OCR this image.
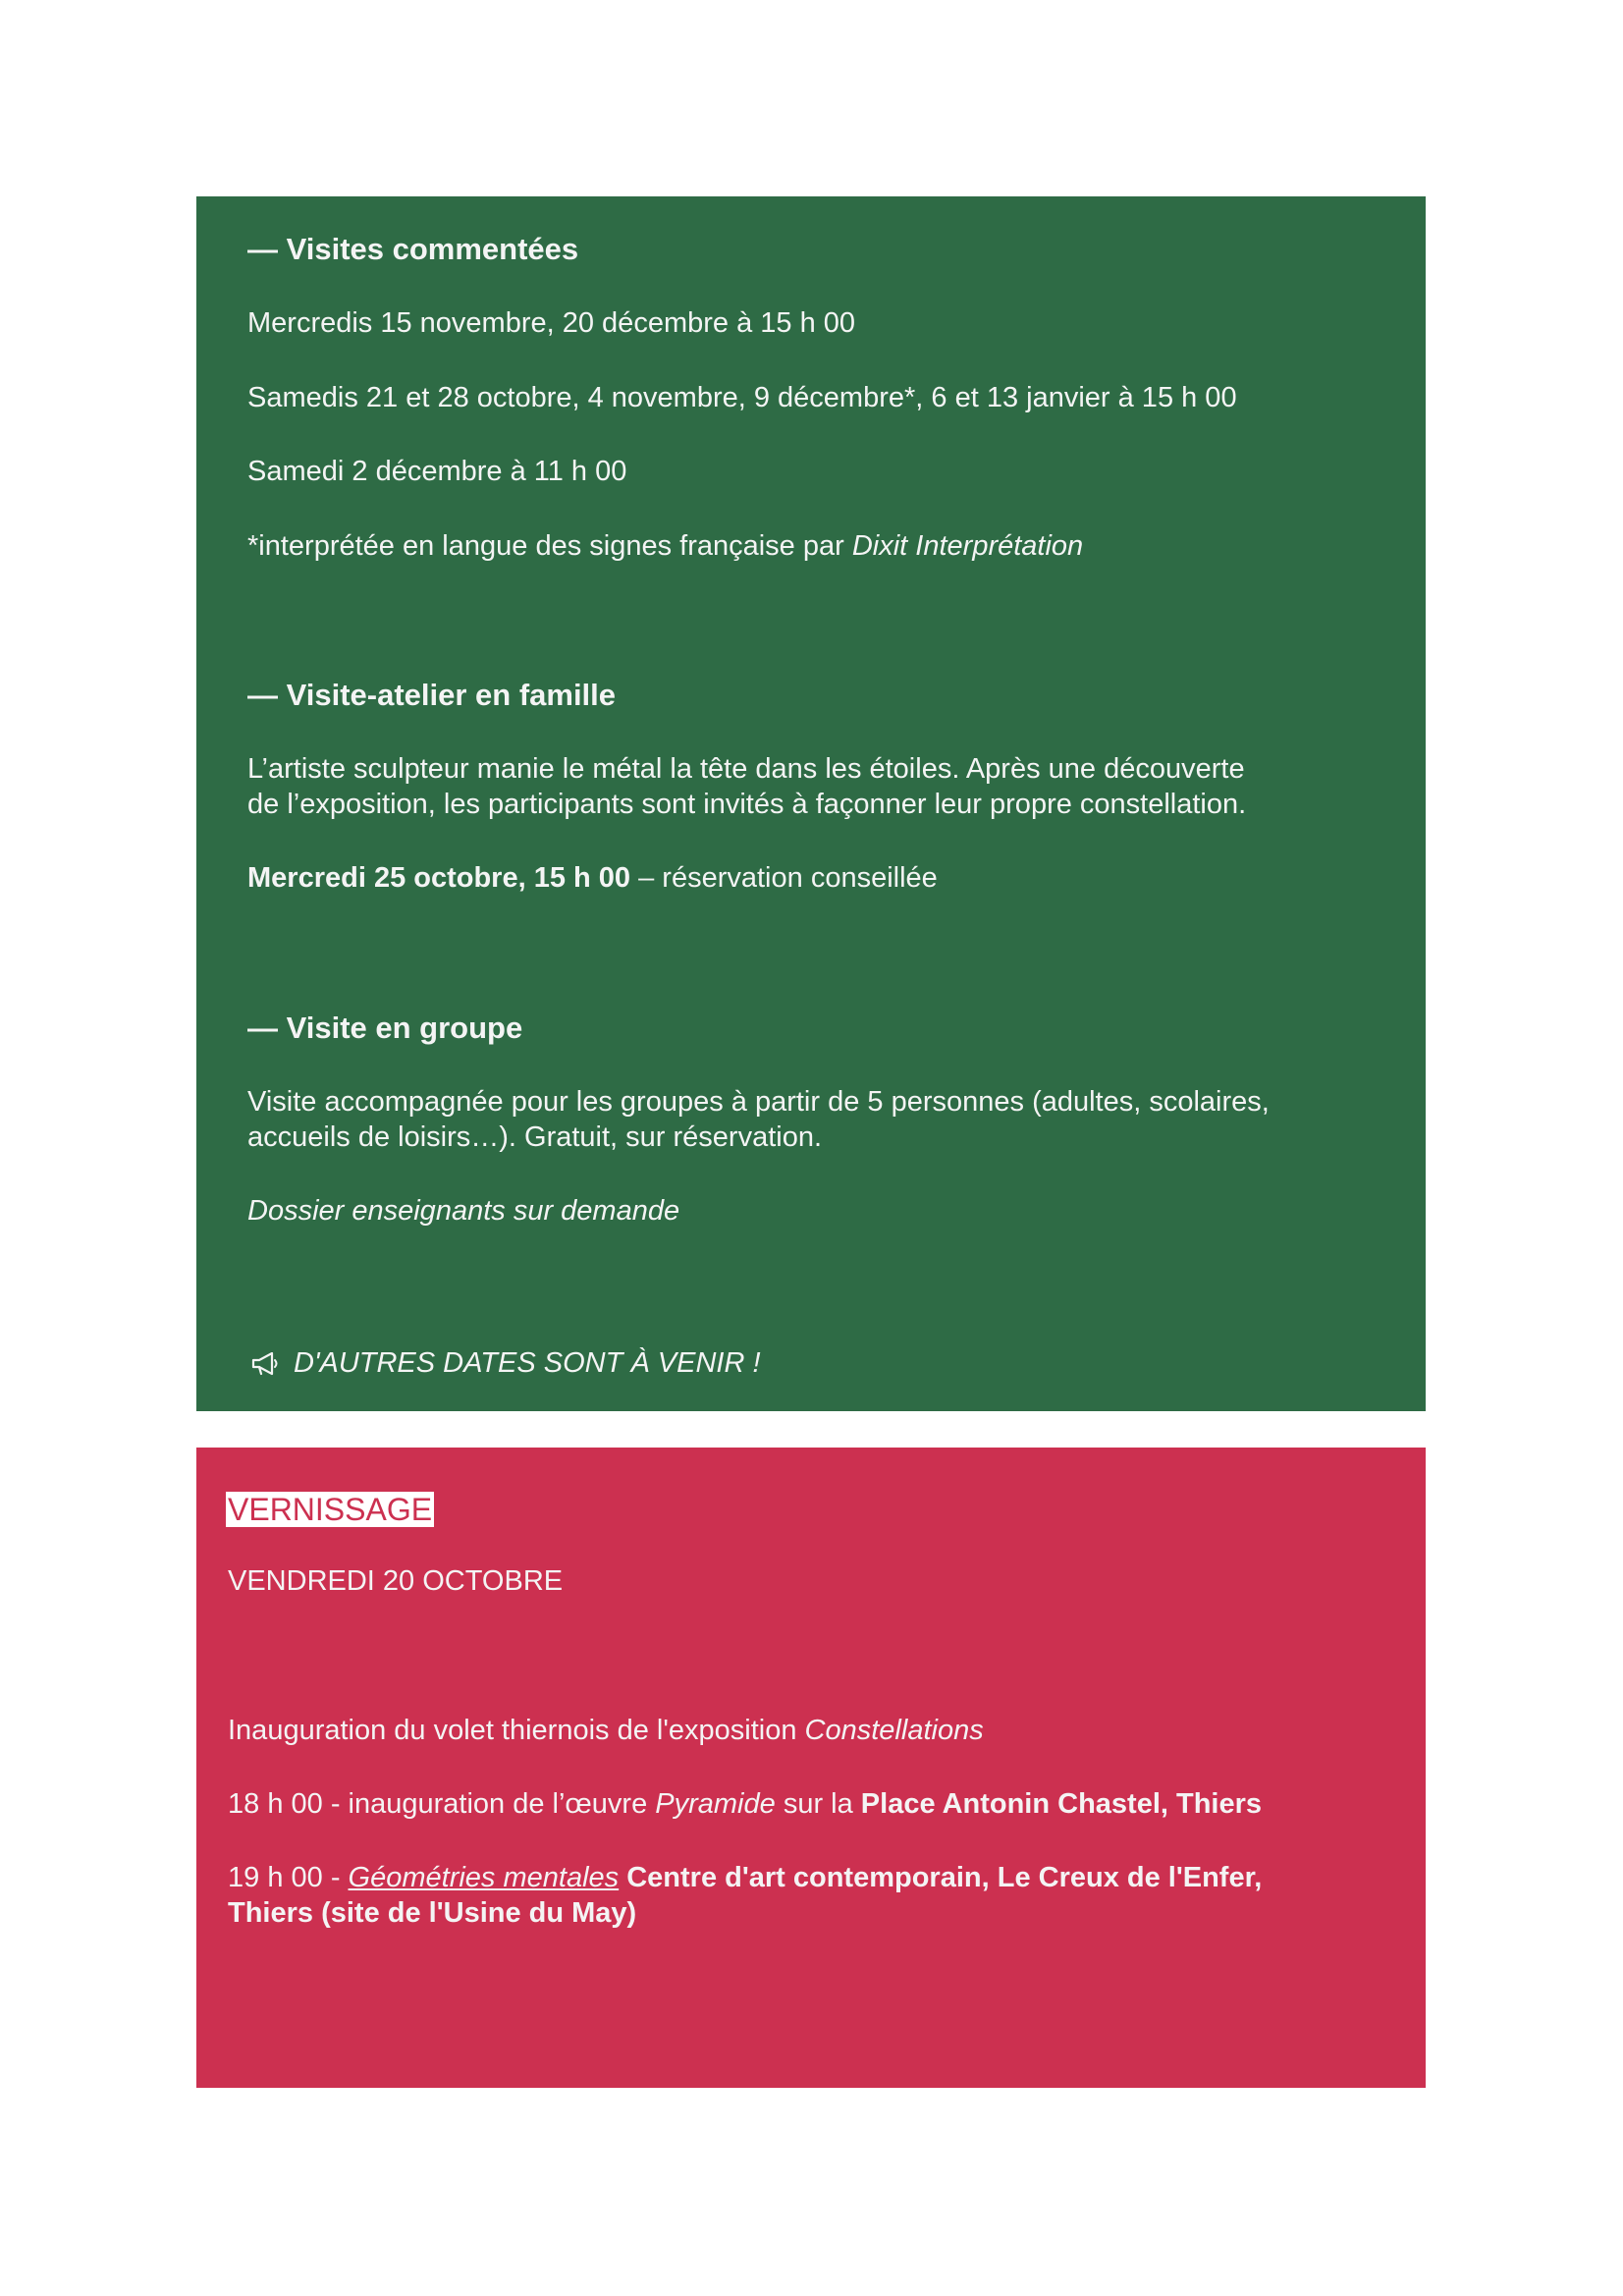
— Visites commentées

Mercredis 15 novembre, 20 décembre à 15 h 00

Samedis 21 et 28 octobre, 4 novembre, 9 décembre*, 6 et 13 janvier à 15 h 00

Samedi 2 décembre à 11 h 00

*interprétée en langue des signes française par Dixit Interprétation

— Visite-atelier en famille

L’artiste sculpteur manie le métal la tête dans les étoiles. Après une découverte

de l’exposition, les participants sont invités à façonner leur propre constellation.

Mercredi 25 octobre, 15 h 00 – réservation conseillée

— Visite en groupe

Visite accompagnée pour les groupes à partir de 5 personnes (adultes, scolaires,

accueils de loisirs…). Gratuit, sur réservation.

Dossier enseignants sur demande

D'AUTRES DATES SONT À VENIR !

VERNISSAGE

VENDREDI 20 OCTOBRE

Inauguration du volet thiernois de l'exposition Constellations

18 h 00 - inauguration de l’œuvre Pyramide sur la Place Antonin Chastel, Thiers

19 h 00 - Géométries mentales Centre d'art contemporain, Le Creux de l'Enfer,

Thiers (site de l'Usine du May)
